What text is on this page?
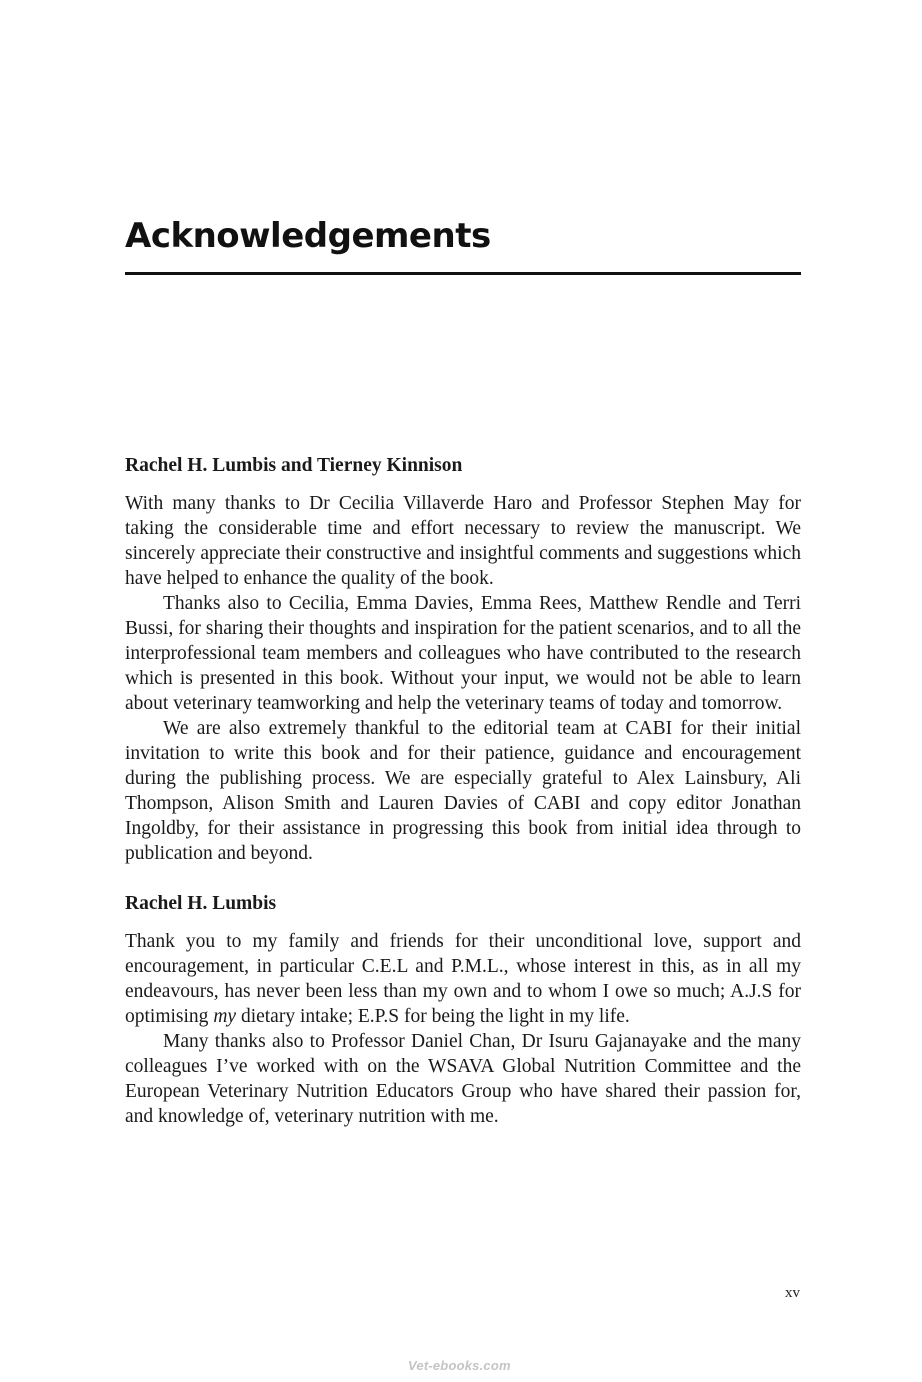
Acknowledgements
Rachel H. Lumbis and Tierney Kinnison

With many thanks to Dr Cecilia Villaverde Haro and Professor Stephen May for taking the considerable time and effort necessary to review the manuscript. We sincerely appreciate their constructive and insightful comments and suggestions which have helped to enhance the quality of the book.

Thanks also to Cecilia, Emma Davies, Emma Rees, Matthew Rendle and Terri Bussi, for sharing their thoughts and inspiration for the patient scenarios, and to all the interprofessional team members and colleagues who have contributed to the research which is presented in this book. Without your input, we would not be able to learn about veterinary teamworking and help the veterinary teams of today and tomorrow.

We are also extremely thankful to the editorial team at CABI for their initial invitation to write this book and for their patience, guidance and encouragement during the publishing process. We are especially grateful to Alex Lainsbury, Ali Thompson, Alison Smith and Lauren Davies of CABI and copy editor Jonathan Ingoldby, for their assistance in progressing this book from initial idea through to publication and beyond.

Rachel H. Lumbis

Thank you to my family and friends for their unconditional love, support and encouragement, in particular C.E.L and P.M.L., whose interest in this, as in all my endeavours, has never been less than my own and to whom I owe so much; A.J.S for optimising my dietary intake; E.P.S for being the light in my life.

Many thanks also to Professor Daniel Chan, Dr Isuru Gajanayake and the many colleagues I’ve worked with on the WSAVA Global Nutrition Committee and the European Veterinary Nutrition Educators Group who have shared their passion for, and knowledge of, veterinary nutrition with me.

xv
Vet-ebooks.com
